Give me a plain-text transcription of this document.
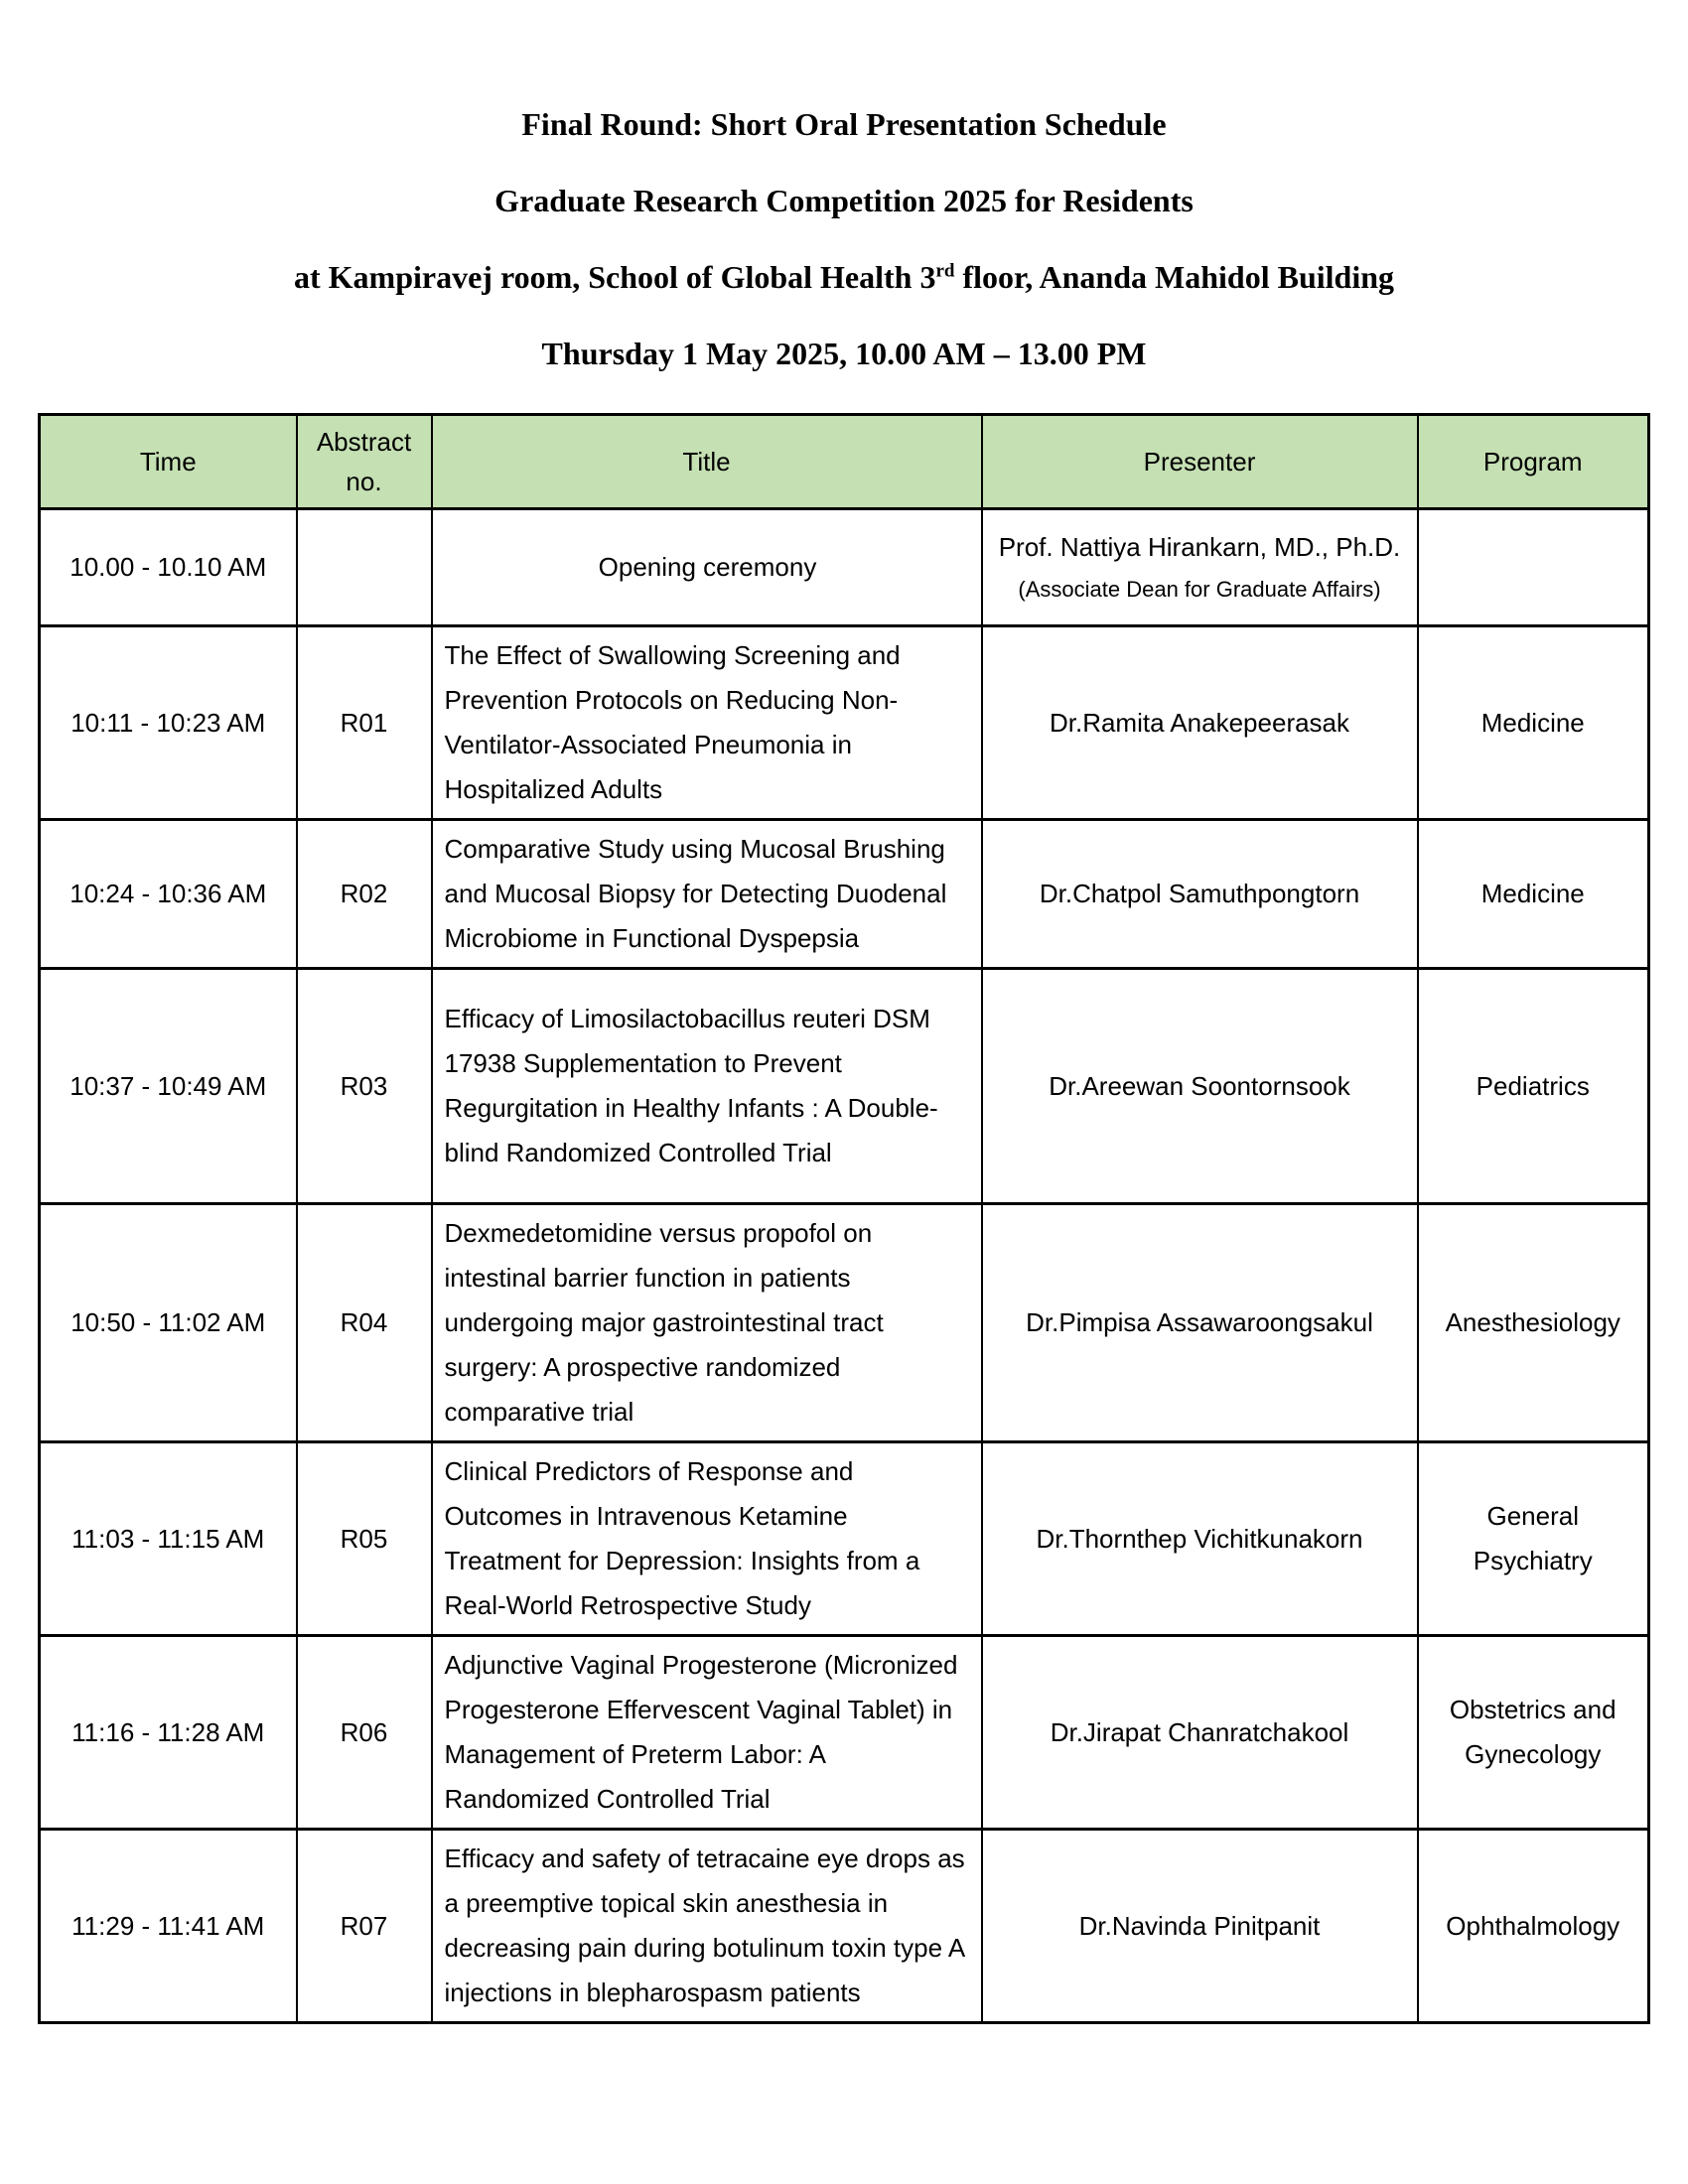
Final Round: Short Oral Presentation Schedule

Graduate Research Competition 2025 for Residents

at Kampiravej room, School of Global Health 3rd floor, Ananda Mahidol Building

Thursday 1 May 2025, 10.00 AM – 13.00 PM

Time	Abstract no.	Title	Presenter	Program
10.00 - 10.10 AM		Opening ceremony	Prof. Nattiya Hirankarn, MD., Ph.D.
(Associate Dean for Graduate Affairs)	

10:11 - 10:23 AM	R01	The Effect of Swallowing Screening and Prevention Protocols on Reducing Non-Ventilator-Associated Pneumonia in Hospitalized Adults	Dr.Ramita Anakepeerasak	Medicine
10:24 - 10:36 AM	R02	Comparative Study using Mucosal Brushing and Mucosal Biopsy for Detecting Duodenal Microbiome in Functional Dyspepsia	Dr.Chatpol Samuthpongtorn	Medicine
10:37 - 10:49 AM	R03	Efficacy of Limosilactobacillus reuteri DSM 17938 Supplementation to Prevent Regurgitation in Healthy Infants : A Double-blind Randomized Controlled Trial	Dr.Areewan Soontornsook	Pediatrics
10:50 - 11:02 AM	R04	Dexmedetomidine versus propofol on intestinal barrier function in patients undergoing major gastrointestinal tract surgery: A prospective randomized comparative trial	Dr.Pimpisa Assawaroongsakul	Anesthesiology
11:03 - 11:15 AM	R05	Clinical Predictors of Response and Outcomes in Intravenous Ketamine Treatment for Depression: Insights from a Real-World Retrospective Study	Dr.Thornthep Vichitkunakorn	General Psychiatry
11:16 - 11:28 AM	R06	Adjunctive Vaginal Progesterone (Micronized Progesterone Effervescent Vaginal Tablet) in Management of Preterm Labor: A Randomized Controlled Trial	Dr.Jirapat Chanratchakool	Obstetrics and Gynecology
11:29 - 11:41 AM	R07	Efficacy and safety of tetracaine eye drops as a preemptive topical skin anesthesia in decreasing pain during botulinum toxin type A injections in blepharospasm patients	Dr.Navinda Pinitpanit	Ophthalmology
